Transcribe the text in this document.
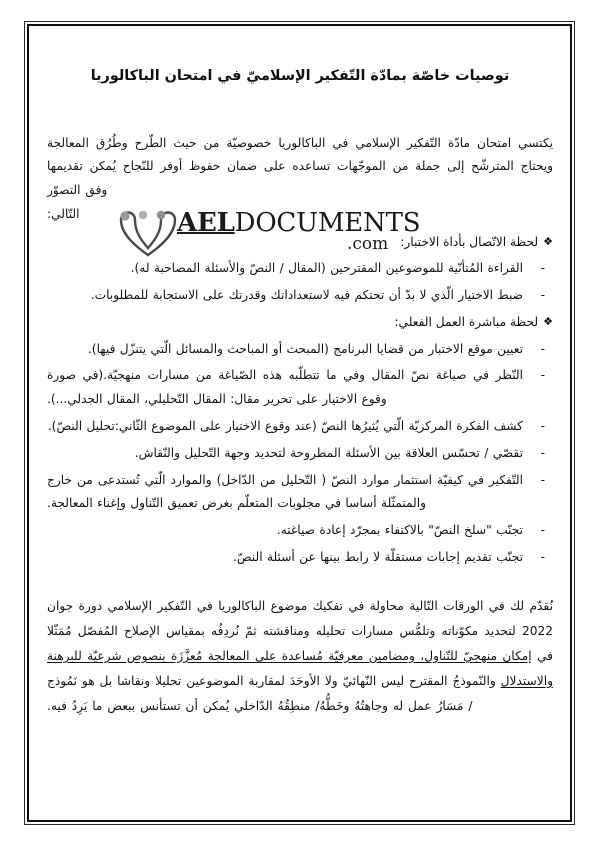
توصيات خاصّة بمادّة التّفكير الإسلاميّ في امتحان الباكالوريا

يكتسي امتحان مادّة التّفكير الإسلامي في الباكالوريا خصوصيّة من حيث الطّرح وطُرُق المعالجة ويحتاج المترشّح إلى جملة من الموجّهات تساعده على ضمان حفوظ أوفر للنّجاح يُمكن تقديمها وفق التصوّر
التّالي:

❖لحظة الاتّصال بأداة الاختبار:
-
القراءة المُتأنّية للموضوعين المقترحين (المقال / النصّ والأسئلة المصاحبة له).
-
ضبط الاختيار الّذي لا بدّ أن تحتكم فيه لاستعداداتك وقدرتك على الاستجابة للمطلوبات.
❖لحظة مباشرة العمل الفعلي:
-
تعيين موقع الاختبار من قضايا البرنامج (المبحث أو المباحث والمسائل الّتي يتنزّل فيها).
-
النّظر في صياغة نصّ المقال وفي ما تتطلّبه هذه الصّياغة من مسارات منهجيّة.(في صورة وقوع الاختيار على تحرير مقال: المقال التّحليلي، المقال الجدلي...).
-
كشف الفكرة المركزيّة الّتي يُثيرُها النصّ (عند وقوع الاختيار على الموضوع الثّاني:تحليل النصّ).
-
تقصّي / تحسّس العلاقة بين الأسئلة المطروحة لتحديد وجهة التّحليل والنّقاش.
-
التّفكير في كيفيّة استثمار موارد النصّ ( التّحليل من الدّاخل) والموارد الّتي تُستدعى من خارج والمتمثّلة أساسا في مجلوبات المتعلّم بغرض تعميق التّناول وإغناء المعالجة.
-
تجنّب "سلخ النصّ" بالاكتفاء بمجرّد إعادة صياغته.
-
تجنّب تقديم إجابات مستقلّة لا رابط بينها عن أسئلة النصّ.

نُقدّم لك في الورقات التّالية محاولة في تفكيك موضوع الباكالوريا في التّفكير الإسلامي دورة جوان 2022 لتحديد مكوّناته وتلمُّس مسارات تحليله ومناقشته ثمّ نُردِفُه بمقياس الإصلاح المُفصّل مُمَثّلا في إمكان منهجيّ للتّناول، ومضامين معرفيّة مُساعدة على المعالجة مُعزَّزَة بنصوص شرعيّة للبرهنة والاستدلال والنّموذجُ المقترح ليس النّهائيّ ولا الأوحَدَ لمقاربة الموضوعين تحليلا ونقاشا بل هو نَمُوذج / مَسَارُ عمل له وجاهتُهُ وخَطُّهُ/ منطِقُهُ الدّاخلي يُمكن أن تستأنس ببعض ما يَرِدُ فيه.

AELDOCUMENTS
.com
